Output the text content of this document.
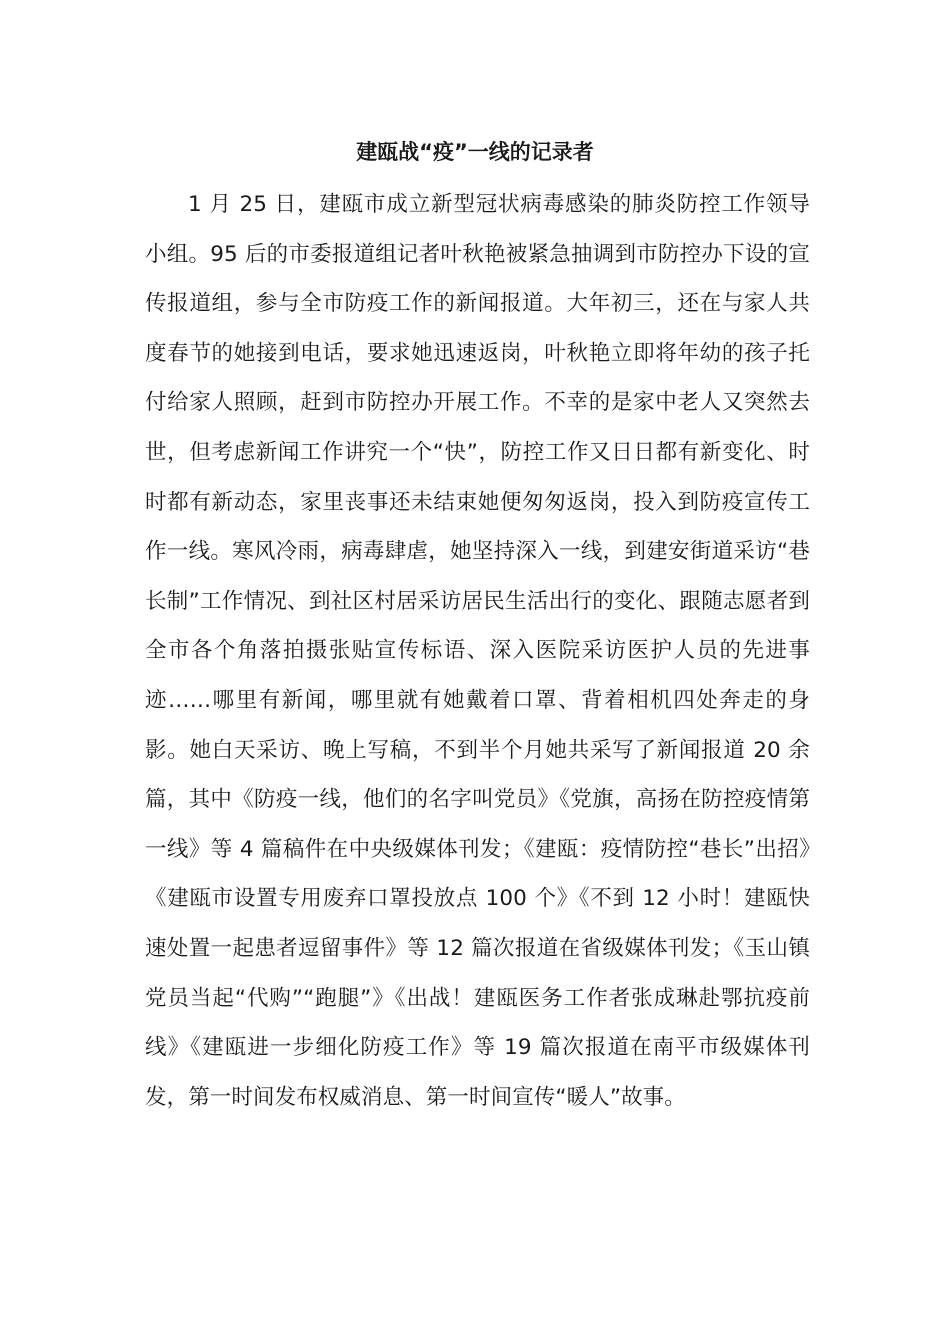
建瓯战“疫”一线的记录者

1 月 25 日，建瓯市成立新型冠状病毒感染的肺炎防控工作领导小组。95 后的市委报道组记者叶秋艳被紧急抽调到市防控办下设的宣传报道组，参与全市防疫工作的新闻报道。大年初三，还在与家人共度春节的她接到电话，要求她迅速返岗，叶秋艳立即将年幼的孩子托付给家人照顾，赶到市防控办开展工作。不幸的是家中老人又突然去世，但考虑新闻工作讲究一个“快”，防控工作又日日都有新变化、时时都有新动态，家里丧事还未结束她便匆匆返岗，投入到防疫宣传工作一线。寒风冷雨，病毒肆虐，她坚持深入一线，到建安街道采访“巷长制”工作情况、到社区村居采访居民生活出行的变化、跟随志愿者到全市各个角落拍摄张贴宣传标语、深入医院采访医护人员的先进事迹……哪里有新闻，哪里就有她戴着口罩、背着相机四处奔走的身影。她白天采访、晚上写稿，不到半个月她共采写了新闻报道 20 余篇，其中《防疫一线，他们的名字叫党员》《党旗，高扬在防控疫情第一线》等 4 篇稿件在中央级媒体刊发；《建瓯：疫情防控“巷长”出招》《建瓯市设置专用废弃口罩投放点 100 个》《不到 12 小时！建瓯快速处置一起患者逗留事件》等 12 篇次报道在省级媒体刊发；《玉山镇党员当起“代购”“跑腿”》《出战！建瓯医务工作者张成琳赴鄂抗疫前线》《建瓯进一步细化防疫工作》等 19 篇次报道在南平市级媒体刊发，第一时间发布权威消息、第一时间宣传“暖人”故事。
